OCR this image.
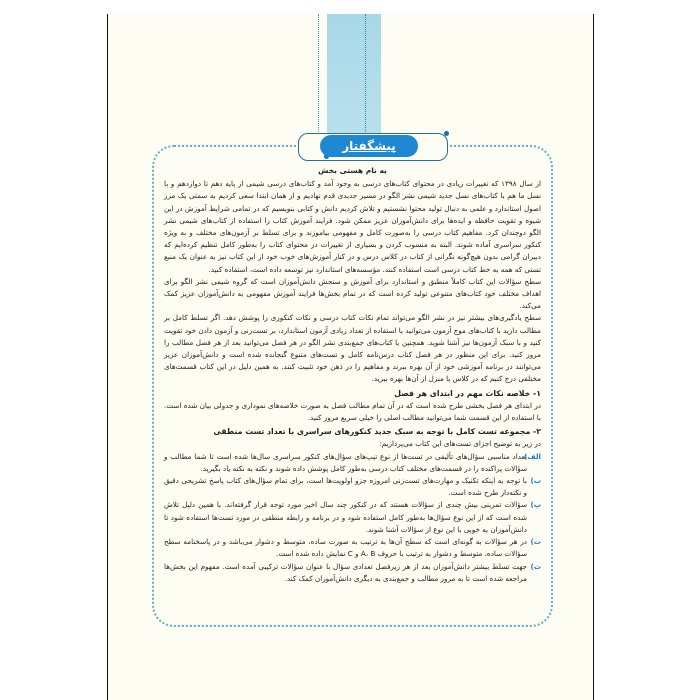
پیشگفتار
به نام هستی بخش

از سال ۱۳۹۸ که تغییرات زیادی در محتوای کتاب‌های درسی به وجود آمد و کتاب‌های درسی شیمی از پایه دهم تا دوازدهم و با نسل ما هم با کتاب‌های نسل جدید شیمی نشر الگو در مسیر جدیدی قدم نهادیم و از همان ابتدا سعی کردیم به سمتی یک مرز اصول استاندارد و علمی به دنبال تولید محتوا نشستیم و تلاش کردیم دانش و کتابی بنویسیم که در تمامی شرایط آموزش در این شیوه و تقویت حافظه و ایده‌ها برای دانش‌آموزان عزیز ممکن شود. فرایند آموزش کتاب را استفاده از کتاب‌های شیمی نشر الگو دوچندان کرد. مفاهیم کتاب درسی را به‌صورت کامل و مفهومی بیاموزند و برای تسلط بر آزمون‌های مختلف و به ویژه کنکور سراسری آماده شوند. البته به منسوب کردن و بسیاری از تغییرات در محتوای کتاب را به‌طور کامل تنظیم کرده‌ایم که دبیران گرامی بدون هیچ‌گونه نگرانی از کتاب در کلاس درس و در کنار آموزش‌های خوب خود از این کتاب نیز به عنوان یک منبع تستی که همه به خط کتاب درسی است استفاده کنند. مؤسسه‌های استاندارد نیز توسعه داده است، استفاده کنید.

سطح سؤالات این کتاب کاملاً منطبق و استاندارد برای آموزش و سنجش دانش‌آموزان است که گروه شیمی نشر الگو برای اهداف مختلف خود کتاب‌های متنوعی تولید کرده است که در تمام بخش‌ها فرایند آموزش مفهومی به دانش‌آموزان عزیز کمک می‌کند.

سطح یادگیری‌های بیشتر نیز در نشر الگو می‌تواند تمام نکات کتاب درسی و نکات کنکوری را پوشش دهد. اگر تسلط کامل بر مطالب دارید با کتاب‌های موج آزمون می‌توانید با استفاده از تعداد زیادی آزمون استاندارد، بر تست‌زنی و آزمون دادن خود تقویت کنید و با سبک آزمون‌ها نیز آشنا شوید. همچنین با کتاب‌های جمع‌بندی نشر الگو در هر فصل می‌توانید بعد از هر فصل مطالب را مرور کنید. برای این منظور در هر فصل کتاب درس‌نامه کامل و تست‌های متنوع گنجانده شده است و دانش‌آموزان عزیز می‌توانند در برنامه آموزشی خود از آن بهره ببرند و مفاهیم را در ذهن خود تثبیت کنند. به همین دلیل در این کتاب قسمت‌های مختلفی درج کنیم که در کلاس یا منزل از آن‌ها بهره ببرید.

۱- خلاصه نکات مهم در ابتدای هر فصل

در ابتدای هر فصل بخشی طرح شده است که در آن تمام مطالب فصل به صورت خلاصه‌های نموداری و جدولی بیان شده است. با استفاده از این قسمت شما می‌توانید مطالب اصلی را خیلی سریع مرور کنید.

۲- مجموعه تست کامل با توجه به سبک جدید کنکورهای سراسری با تعداد تست منطقی

در زیر به توضیح اجزای تست‌های این کتاب می‌پردازیم:

الف)
تعداد مناسبی سؤال‌های تألیفی در تست‌ها از نوع تیپ‌های سؤال‌های کنکور سراسری سال‌ها شده است تا شما مطالب و سؤالات پراکنده را در قسمت‌های مختلف کتاب درسی به‌طور کامل پوشش داده شوند و نکته به نکته یاد بگیرید.
ب)
با توجه به اینکه تکنیک و مهارت‌های تست‌زنی امروزه جزو اولویت‌ها است، برای تمام سؤال‌های کتاب پاسخ تشریحی دقیق و نکته‌دار طرح شده است.
پ)
سؤالات تمرینی بیش چندی از سؤالات هستند که در کنکور چند سال اخیر مورد توجه قرار گرفته‌اند. با همین دلیل تلاش شده است که از این نوع سؤال‌ها به‌طور کامل استفاده شود و در برنامه و رابطه منطقی در مورد تست‌ها استفاده شود تا دانش‌آموزان به خوبی با این نوع از سؤالات آشنا شوند.
ت)
در هر سؤالات به گونه‌ای است که سطح آن‌ها به ترتیب به صورت ساده، متوسط و دشوار می‌باشد و در پاسخنامه سطح سؤالات ساده، متوسط و دشوار به ترتیب با حروف A، B و C نمایش داده شده است.
ث)
جهت تسلط بیشتر دانش‌آموزان بعد از هر زیرفصل تعدادی سؤال با عنوان سؤالات ترکیبی آمده است. مفهوم این بخش‌ها مراجعه شده است تا به مرور مطالب و جمع‌بندی به دیگری دانش‌آموزان کمک کند.
